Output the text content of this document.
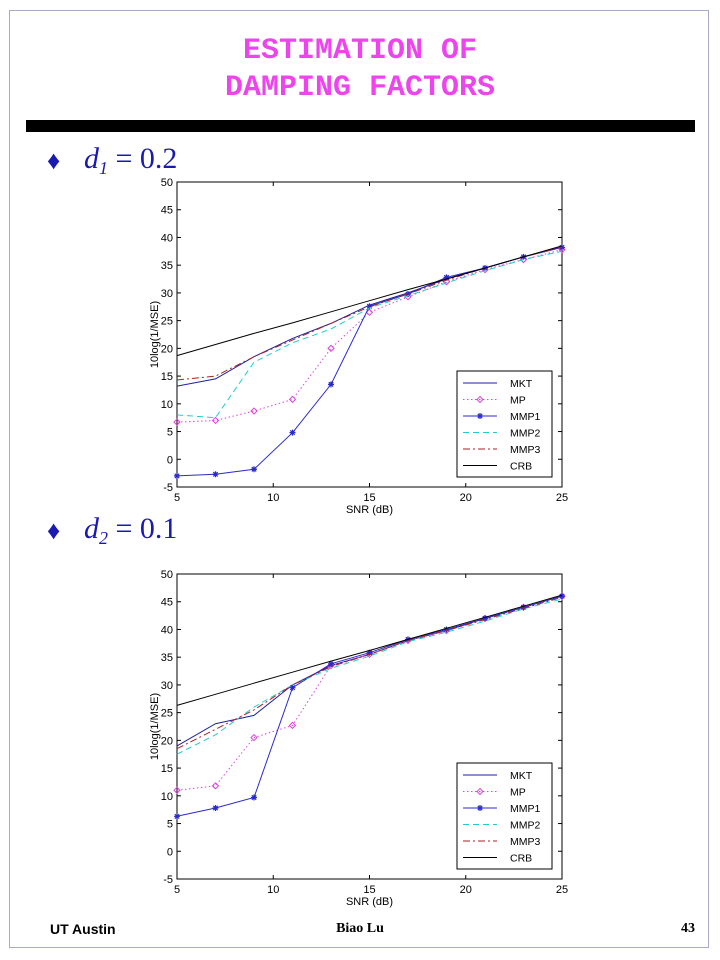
ESTIMATION OF
DAMPING FACTORS
♦ $d_1 = 0.2$
-5
0
5
10
15
20
25
30
35
40
45
50
5	10	15	20	25
SNR (dB)
10log(1/MSE)
MKT
MP
MMP1
MMP2
MMP3
CRB
♦ $d_2 = 0.1$
-5
0
5
10
15
20
25
30
35
40
45
50
5	10	15	20	25
SNR (dB)
10log(1/MSE)
MKT
MP
MMP1
MMP2
MMP3
CRB
UT Austin	Biao Lu	43
